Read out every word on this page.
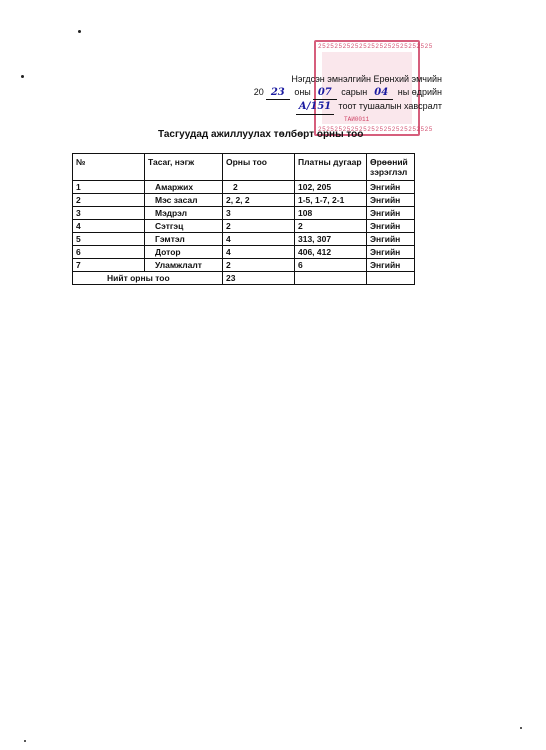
2525252525252525252525252525
2525252525252525252525252525
ТАИ0011
Нэгдсэн эмнэлгийн Ерөнхий эмчийн
20 23 оны 07 сарын 04 ны өдрийн
А/151 тоот тушаалын хавсралт
Тасгуудад ажиллуулах төлбөрт орны тоо
№	Тасаг, нэгж	Орны тоо	Платны дугаар	Өрөөний зэрэглэл
1	Амаржих	2	102, 205	Энгийн
2	Мэс засал	2, 2, 2	1-5, 1-7, 2-1	Энгийн
3	Мэдрэл	3	108	Энгийн
4	Сэтгэц	2	2	Энгийн
5	Гэмтэл	4	313, 307	Энгийн
6	Дотор	4	406, 412	Энгийн
7	Уламжлалт	2	6	Энгийн
Нийт орны тоо		23		
